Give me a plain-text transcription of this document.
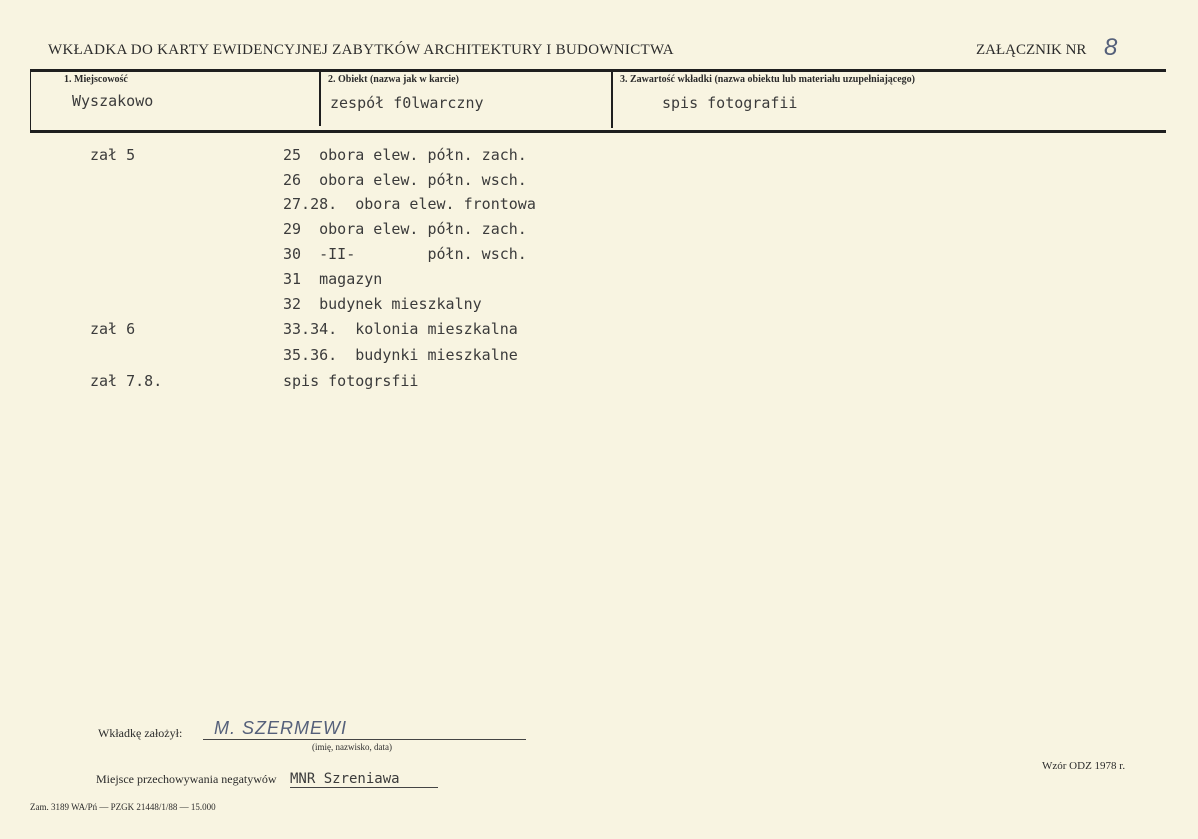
WKŁADKA DO KARTY EWIDENCYJNEJ ZABYTKÓW ARCHITEKTURY I BUDOWNICTWA	ZAŁĄCZNIK NR 8
1. Miejscowość
Wyszakowo
2. Obiekt (nazwa jak w karcie)
zespół f0lwarczny
3. Zawartość wkładki (nazwa obiektu lub materiału uzupełniającego)
spis fotografii
zał 5	25  obora elew. półn. zach.
26  obora elew. półn. wsch.
27.28.  obora elew. frontowa
29  obora elew. półn. zach.
30  -II-        półn. wsch.
31  magazyn
32  budynek mieszkalny
zał 6	33.34.  kolonia mieszkalna
35.36.  budynki mieszkalne
zał 7.8.	spis fotogrsfii
Wkładkę założył: M. SZERMEWI
(imię, nazwisko, data)
Miejsce przechowywania negatywów MNR Szreniawa
Wzór ODZ 1978 r.
Zam. 3189 WA/Pń — PZGK 21448/1/88 — 15.000
